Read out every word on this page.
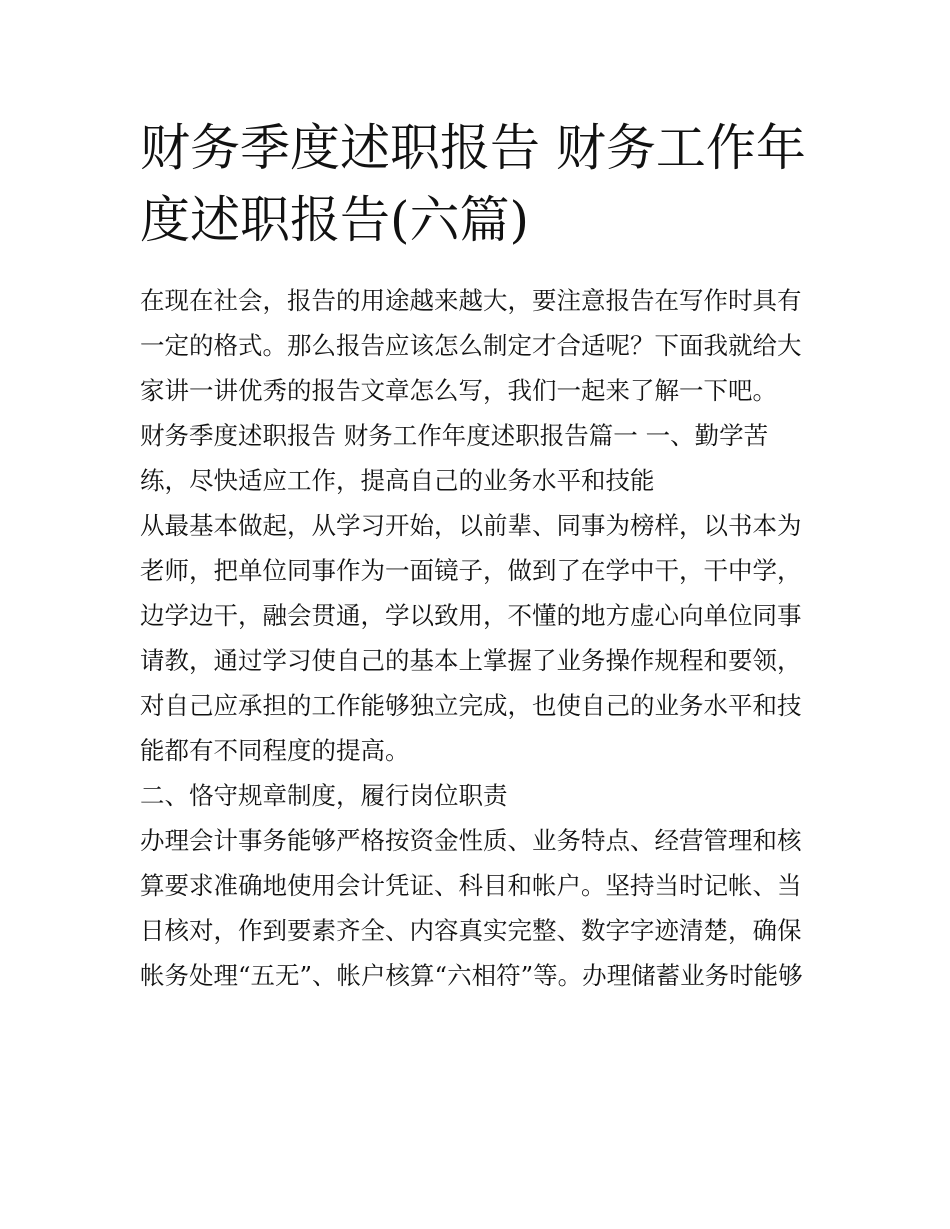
财务季度述职报告 财务工作年度述职报告(六篇)

在现在社会，报告的用途越来越大，要注意报告在写作时具有一定的格式。那么报告应该怎么制定才合适呢？下面我就给大家讲一讲优秀的报告文章怎么写，我们一起来了解一下吧。

财务季度述职报告 财务工作年度述职报告篇一 一、勤学苦练，尽快适应工作，提高自己的业务水平和技能

从最基本做起，从学习开始，以前辈、同事为榜样，以书本为老师，把单位同事作为一面镜子，做到了在学中干，干中学，边学边干，融会贯通，学以致用，不懂的地方虚心向单位同事请教，通过学习使自己的基本上掌握了业务操作规程和要领，对自己应承担的工作能够独立完成，也使自己的业务水平和技能都有不同程度的提高。

二、恪守规章制度，履行岗位职责

办理会计事务能够严格按资金性质、业务特点、经营管理和核算要求准确地使用会计凭证、科目和帐户。坚持当时记帐、当日核对，作到要素齐全、内容真实完整、数字字迹清楚，确保帐务处理“五无”、帐户核算“六相符”等。办理储蓄业务时能够
